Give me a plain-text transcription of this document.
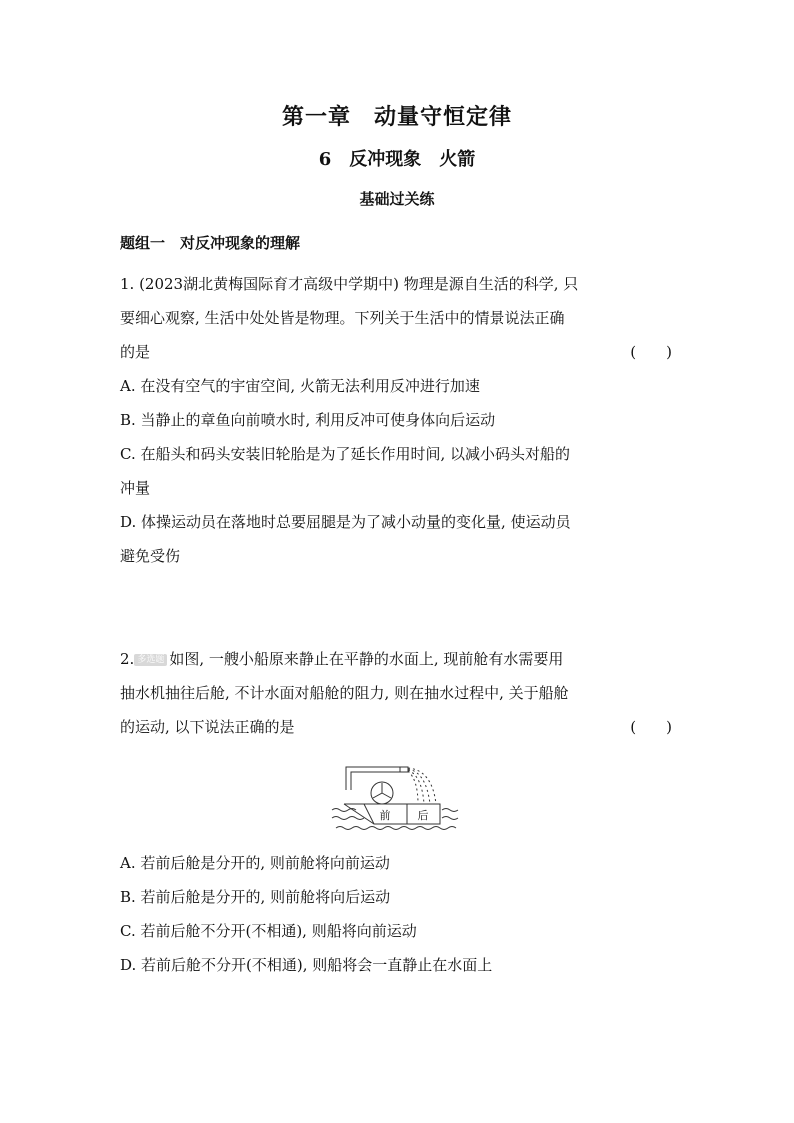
第一章　动量守恒定律
6　反冲现象　火箭
基础过关练
题组一　对反冲现象的理解
1. (2023湖北黄梅国际育才高级中学期中) 物理是源自生活的科学, 只
要细心观察, 生活中处处皆是物理。下列关于生活中的情景说法正确
的是	(　　)
A. 在没有空气的宇宙空间, 火箭无法利用反冲进行加速
B. 当静止的章鱼向前喷水时, 利用反冲可使身体向后运动
C. 在船头和码头安装旧轮胎是为了延长作用时间, 以减小码头对船的
冲量
D. 体操运动员在落地时总要屈腿是为了减小动量的变化量, 使运动员
避免受伤
2. 多选题 如图, 一艘小船原来静止在平静的水面上, 现前舱有水需要用
抽水机抽往后舱, 不计水面对船舱的阻力, 则在抽水过程中, 关于船舱
的运动, 以下说法正确的是	(　　)
前 后
A. 若前后舱是分开的, 则前舱将向前运动
B. 若前后舱是分开的, 则前舱将向后运动
C. 若前后舱不分开(不相通), 则船将向前运动
D. 若前后舱不分开(不相通), 则船将会一直静止在水面上
